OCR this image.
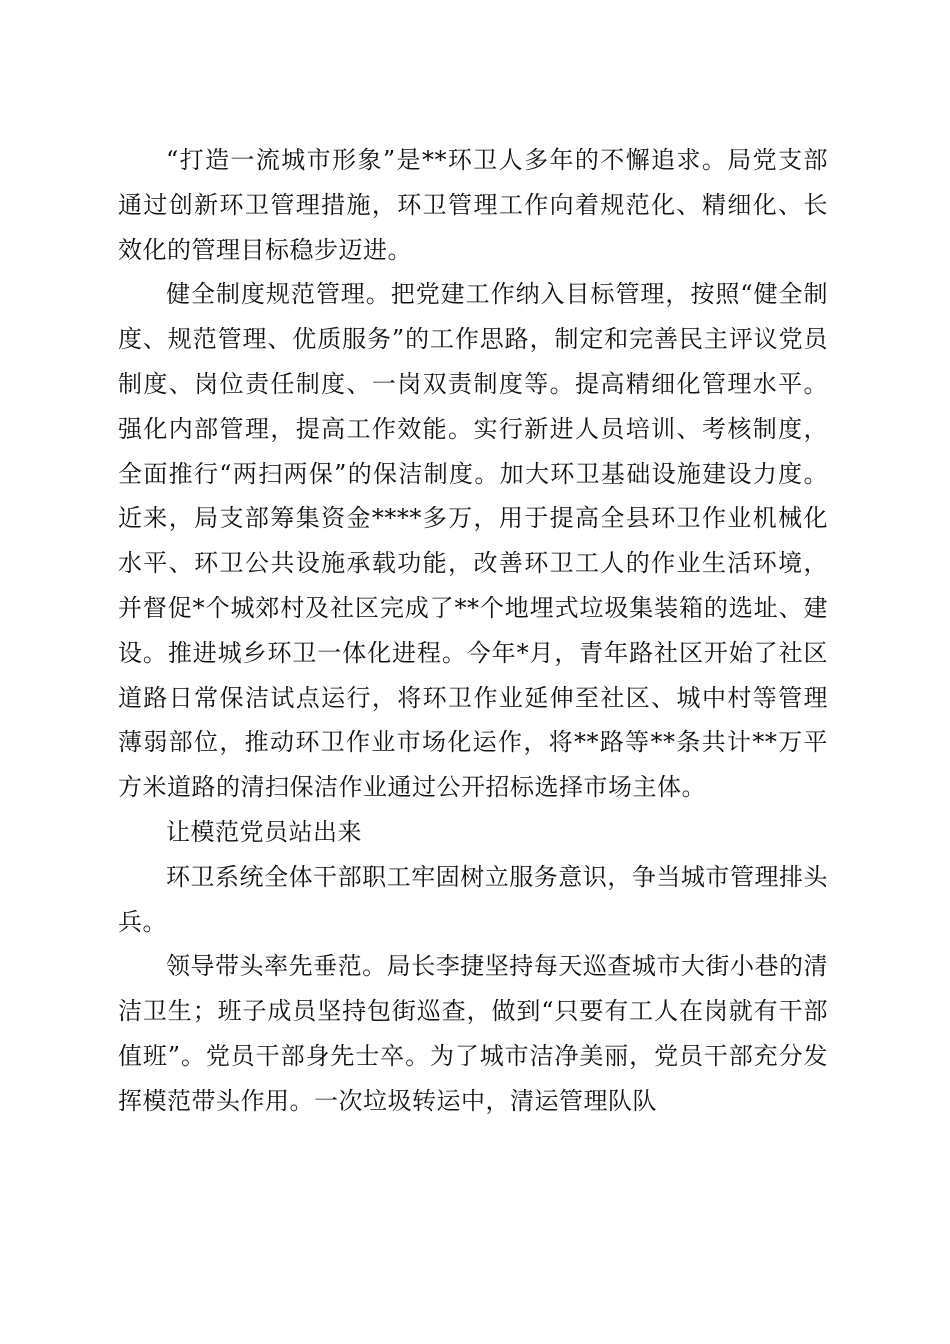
“打造一流城市形象”是**环卫人多年的不懈追求。局党支部通过创新环卫管理措施，环卫管理工作向着规范化、精细化、长效化的管理目标稳步迈进。

健全制度规范管理。把党建工作纳入目标管理，按照“健全制度、规范管理、优质服务”的工作思路，制定和完善民主评议党员制度、岗位责任制度、一岗双责制度等。提高精细化管理水平。强化内部管理，提高工作效能。实行新进人员培训、考核制度，全面推行“两扫两保”的保洁制度。加大环卫基础设施建设力度。近来，局支部筹集资金****多万，用于提高全县环卫作业机械化水平、环卫公共设施承载功能，改善环卫工人的作业生活环境，并督促*个城郊村及社区完成了**个地埋式垃圾集装箱的选址、建设。推进城乡环卫一体化进程。今年*月，青年路社区开始了社区道路日常保洁试点运行，将环卫作业延伸至社区、城中村等管理薄弱部位，推动环卫作业市场化运作，将**路等**条共计**万平方米道路的清扫保洁作业通过公开招标选择市场主体。

让模范党员站出来

环卫系统全体干部职工牢固树立服务意识，争当城市管理排头兵。

领导带头率先垂范。局长李捷坚持每天巡查城市大街小巷的清洁卫生；班子成员坚持包街巡查，做到“只要有工人在岗就有干部值班”。党员干部身先士卒。为了城市洁净美丽，党员干部充分发挥模范带头作用。一次垃圾转运中，清运管理队队
